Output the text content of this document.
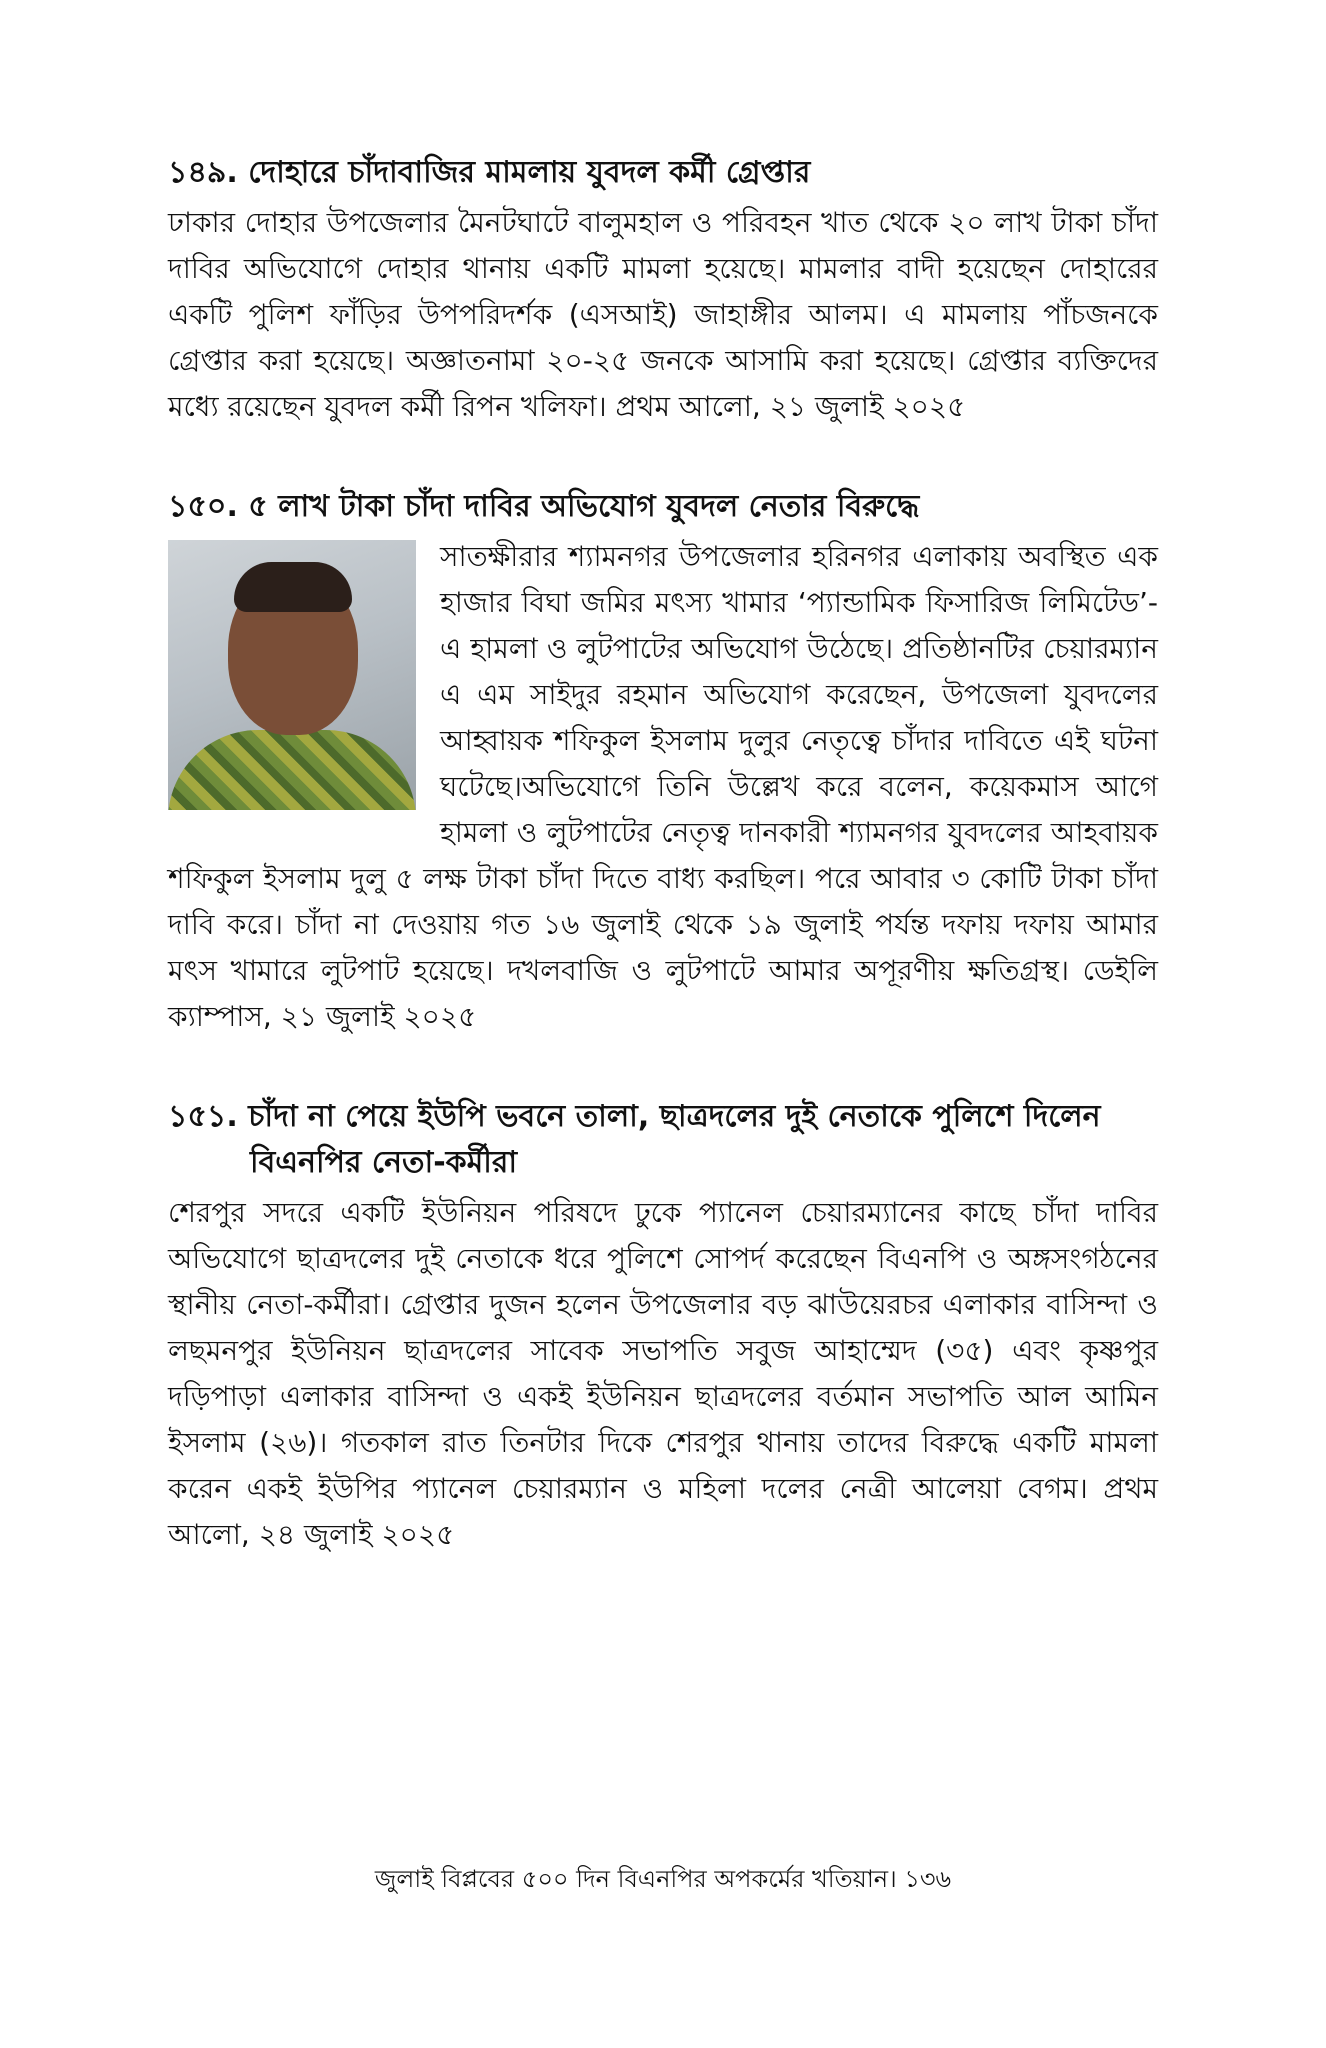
১৪৯. দোহারে চাঁদাবাজির মামলায় যুবদল কর্মী গ্রেপ্তার

ঢাকার দোহার উপজেলার মৈনটঘাটে বালুমহাল ও পরিবহন খাত থেকে ২০ লাখ টাকা চাঁদা দাবির অভিযোগে দোহার থানায় একটি মামলা হয়েছে। মামলার বাদী হয়েছেন দোহারের একটি পুলিশ ফাঁড়ির উপপরিদর্শক (এসআই) জাহাঙ্গীর আলম। এ মামলায় পাঁচজনকে গ্রেপ্তার করা হয়েছে। অজ্ঞাতনামা ২০-২৫ জনকে আসামি করা হয়েছে। গ্রেপ্তার ব্যক্তিদের মধ্যে রয়েছেন যুবদল কর্মী রিপন খলিফা। প্রথম আলো, ২১ জুলাই ২০২৫

১৫০. ৫ লাখ টাকা চাঁদা দাবির অভিযোগ যুবদল নেতার বিরুদ্ধে

সাতক্ষীরার শ্যামনগর উপজেলার হরিনগর এলাকায় অবস্থিত এক হাজার বিঘা জমির মৎস্য খামার ‘প্যান্ডামিক ফিসারিজ লিমিটেড’-এ হামলা ও লুটপাটের অভিযোগ উঠেছে। প্রতিষ্ঠানটির চেয়ারম্যান এ এম সাইদুর রহমান অভিযোগ করেছেন, উপজেলা যুবদলের আহ্বায়ক শফিকুল ইসলাম দুলুর নেতৃত্বে চাঁদার দাবিতে এই ঘটনা ঘটেছে।অভিযোগে তিনি উল্লেখ করে বলেন, কয়েকমাস আগে হামলা ও লুটপাটের নেতৃত্ব দানকারী শ্যামনগর যুবদলের আহবায়ক শফিকুল ইসলাম দুলু ৫ লক্ষ টাকা চাঁদা দিতে বাধ্য করছিল। পরে আবার ৩ কোটি টাকা চাঁদা দাবি করে। চাঁদা না দেওয়ায় গত ১৬ জুলাই থেকে ১৯ জুলাই পর্যন্ত দফায় দফায় আমার মৎস খামারে লুটপাট হয়েছে। দখলবাজি ও লুটপাটে আমার অপূরণীয় ক্ষতিগ্রস্থ। ডেইলি ক্যাম্পাস, ২১ জুলাই ২০২৫

১৫১. চাঁদা না পেয়ে ইউপি ভবনে তালা, ছাত্রদলের দুই নেতাকে পুলিশে দিলেন
বিএনপির নেতা-কর্মীরা

শেরপুর সদরে একটি ইউনিয়ন পরিষদে ঢুকে প্যানেল চেয়ারম্যানের কাছে চাঁদা দাবির অভিযোগে ছাত্রদলের দুই নেতাকে ধরে পুলিশে সোপর্দ করেছেন বিএনপি ও অঙ্গসংগঠনের স্থানীয় নেতা-কর্মীরা। গ্রেপ্তার দুজন হলেন উপজেলার বড় ঝাউয়েরচর এলাকার বাসিন্দা ও লছমনপুর ইউনিয়ন ছাত্রদলের সাবেক সভাপতি সবুজ আহাম্মেদ (৩৫) এবং কৃষ্ণপুর দড়িপাড়া এলাকার বাসিন্দা ও একই ইউনিয়ন ছাত্রদলের বর্তমান সভাপতি আল আমিন ইসলাম (২৬)। গতকাল রাত তিনটার দিকে শেরপুর থানায় তাদের বিরুদ্ধে একটি মামলা করেন একই ইউপির প্যানেল চেয়ারম্যান ও মহিলা দলের নেত্রী আলেয়া বেগম। প্রথম আলো, ২৪ জুলাই ২০২৫

জুলাই বিপ্লবের ৫০০ দিন বিএনপির অপকর্মের খতিয়ান। ১৩৬
